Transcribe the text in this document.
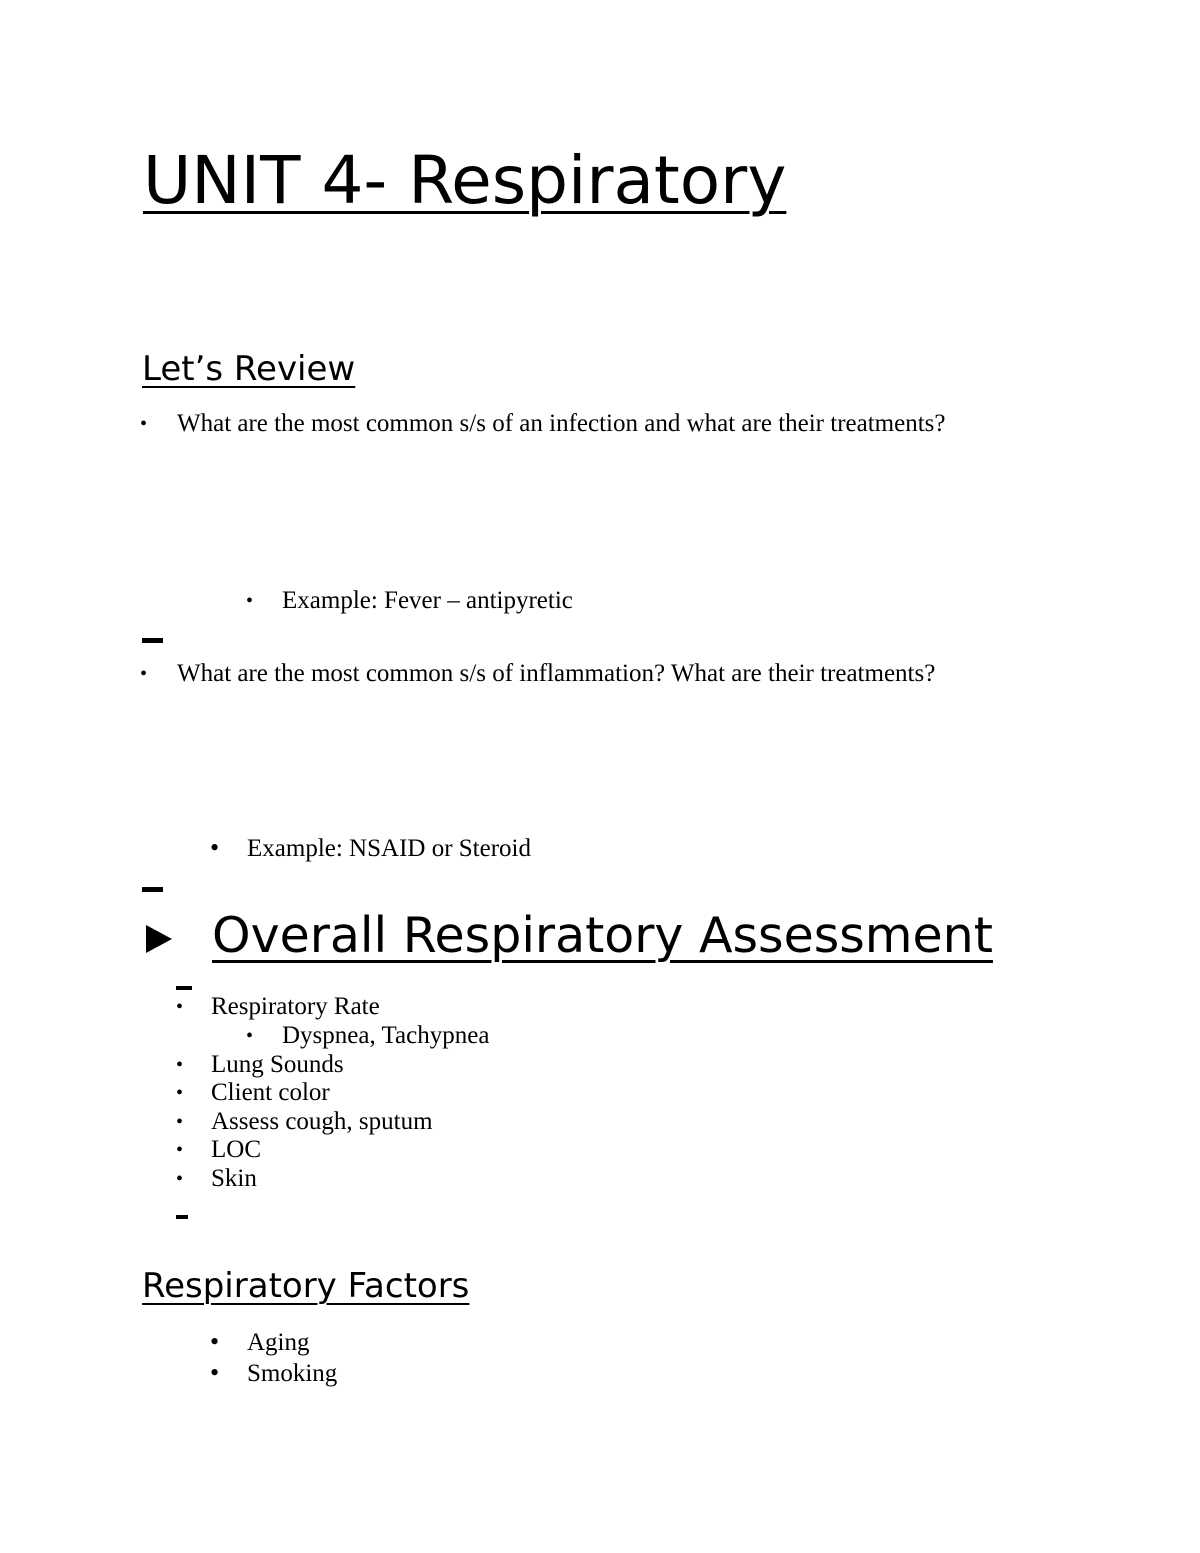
UNIT 4- Respiratory
Let’s Review
• What are the most common s/s of an infection and what are their treatments?
• Example: Fever – antipyretic
• What are the most common s/s of inflammation? What are their treatments?
• Example: NSAID or Steroid
Overall Respiratory Assessment
• Respiratory Rate
• Dyspnea, Tachypnea
• Lung Sounds
• Client color
• Assess cough, sputum
• LOC
• Skin
Respiratory Factors
• Aging
• Smoking
